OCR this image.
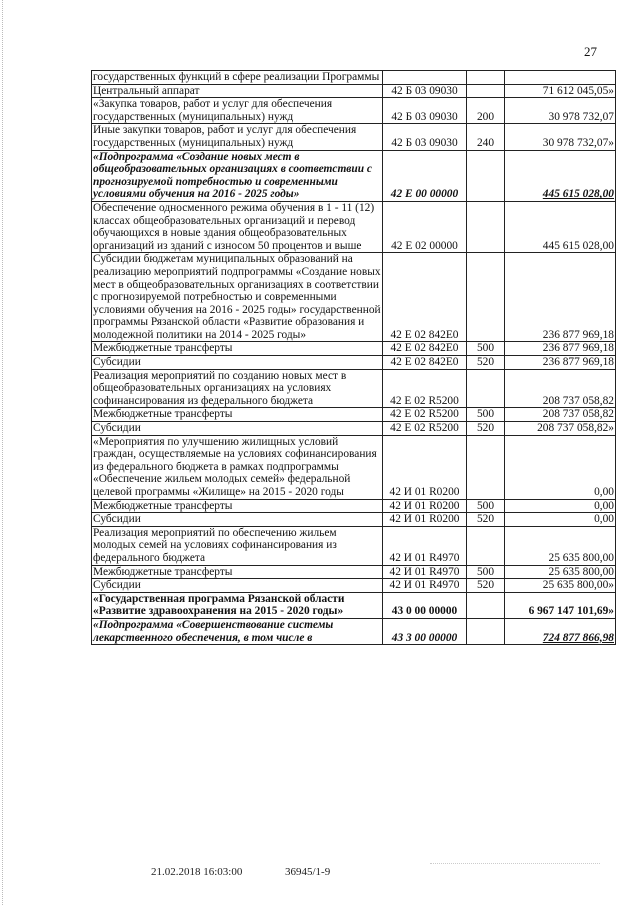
27
государственных функций в сфере реализации Программы			
Центральный аппарат	42 Б 03 09030		71 612 045,05»
«Закупка товаров, работ и услуг для обеспечения государственных (муниципальных) нужд	42 Б 03 09030	200	30 978 732,07
Иные закупки товаров, работ и услуг для обеспечения государственных (муниципальных) нужд	42 Б 03 09030	240	30 978 732,07»
«Подпрограмма «Создание новых мест в общеобразовательных организациях в соответствии с прогнозируемой потребностью и современными условиями обучения на 2016 - 2025 годы»	42 Е 00 00000		445 615 028,00
Обеспечение односменного режима обучения в 1 - 11 (12) классах общеобразовательных организаций и перевод обучающихся в новые здания общеобразовательных организаций из зданий с износом 50 процентов и выше	42 Е 02 00000		445 615 028,00
Субсидии бюджетам муниципальных образований на реализацию мероприятий подпрограммы «Создание новых мест в общеобразовательных организациях в соответствии с прогнозируемой потребностью и современными условиями обучения на 2016 - 2025 годы» государственной программы Рязанской области «Развитие образования и молодежной политики на 2014 - 2025 годы»	42 Е 02 842Е0		236 877 969,18
Межбюджетные трансферты	42 Е 02 842Е0	500	236 877 969,18
Субсидии	42 Е 02 842Е0	520	236 877 969,18
Реализация мероприятий по созданию новых мест в общеобразовательных организациях на условиях софинансирования из федерального бюджета	42 Е 02 R5200		208 737 058,82
Межбюджетные трансферты	42 Е 02 R5200	500	208 737 058,82
Субсидии	42 Е 02 R5200	520	208 737 058,82»
«Мероприятия по улучшению жилищных условий граждан, осуществляемые на условиях софинансирования из федерального бюджета в рамках подпрограммы «Обеспечение жильем молодых семей» федеральной целевой программы «Жилище» на 2015 - 2020 годы	42 И 01 R0200		0,00
Межбюджетные трансферты	42 И 01 R0200	500	0,00
Субсидии	42 И 01 R0200	520	0,00
Реализация мероприятий по обеспечению жильем молодых семей на условиях софинансирования из федерального бюджета	42 И 01 R4970		25 635 800,00
Межбюджетные трансферты	42 И 01 R4970	500	25 635 800,00
Субсидии	42 И 01 R4970	520	25 635 800,00»
«Государственная программа Рязанской области «Развитие здравоохранения на 2015 - 2020 годы»	43 0 00 00000		6 967 147 101,69»
«Подпрограмма «Совершенствование системы лекарственного обеспечения, в том числе в	43 3 00 00000		724 877 866,98
21.02.2018 16:03:00	36945/1-9
